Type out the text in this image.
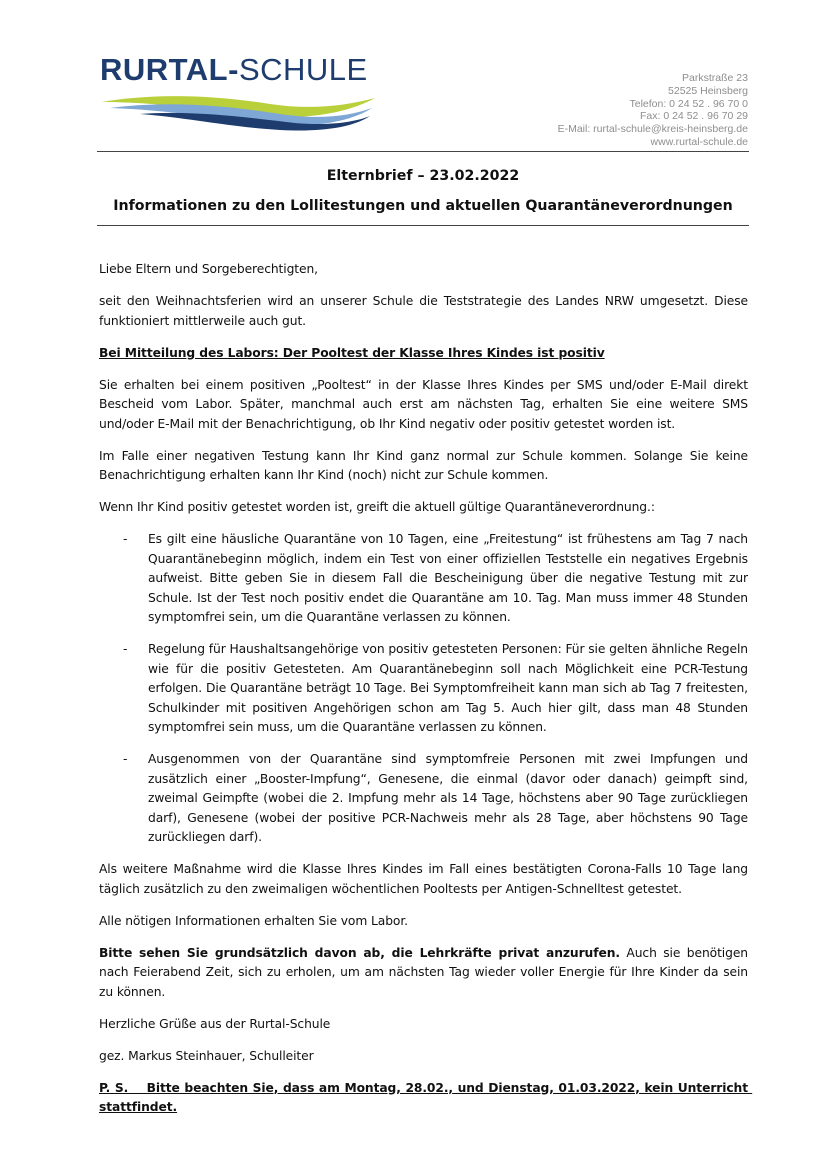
RURTAL-SCHULE	Parkstraße 23
52525 Heinsberg
Telefon: 0 24 52 . 96 70 0
Fax: 0 24 52 . 96 70 29
E-Mail: rurtal-schule@kreis-heinsberg.de
www.rurtal-schule.de
Elternbrief – 23.02.2022
Informationen zu den Lollitestungen und aktuellen Quarantäneverordnungen

Liebe Eltern und Sorgeberechtigten,

seit den Weihnachtsferien wird an unserer Schule die Teststrategie des Landes NRW umgesetzt. Diese funktioniert mittlerweile auch gut.

Bei Mitteilung des Labors: Der Pooltest der Klasse Ihres Kindes ist positiv

Sie erhalten bei einem positiven „Pooltest“ in der Klasse Ihres Kindes per SMS und/oder E-Mail direkt Bescheid vom Labor. Später, manchmal auch erst am nächsten Tag, erhalten Sie eine weitere SMS und/oder E-Mail mit der Benachrichtigung, ob Ihr Kind negativ oder positiv getestet worden ist.

Im Falle einer negativen Testung kann Ihr Kind ganz normal zur Schule kommen. Solange Sie keine Benachrichtigung erhalten kann Ihr Kind (noch) nicht zur Schule kommen.

Wenn Ihr Kind positiv getestet worden ist, greift die aktuell gültige Quarantäneverordnung.:

- Es gilt eine häusliche Quarantäne von 10 Tagen, eine „Freitestung“ ist frühestens am Tag 7 nach Quarantänebeginn möglich, indem ein Test von einer offiziellen Teststelle ein negatives Ergebnis aufweist. Bitte geben Sie in diesem Fall die Bescheinigung über die negative Testung mit zur Schule. Ist der Test noch positiv endet die Quarantäne am 10. Tag. Man muss immer 48 Stunden symptomfrei sein, um die Quarantäne verlassen zu können.
- Regelung für Haushaltsangehörige von positiv getesteten Personen: Für sie gelten ähnliche Regeln wie für die positiv Getesteten. Am Quarantänebeginn soll nach Möglichkeit eine PCR-Testung erfolgen. Die Quarantäne beträgt 10 Tage. Bei Symptomfreiheit kann man sich ab Tag 7 freitesten, Schulkinder mit positiven Angehörigen schon am Tag 5. Auch hier gilt, dass man 48 Stunden symptomfrei sein muss, um die Quarantäne verlassen zu können.
- Ausgenommen von der Quarantäne sind symptomfreie Personen mit zwei Impfungen und zusätzlich einer „Booster-Impfung“, Genesene, die einmal (davor oder danach) geimpft sind, zweimal Geimpfte (wobei die 2. Impfung mehr als 14 Tage, höchstens aber 90 Tage zurückliegen darf), Genesene (wobei der positive PCR-Nachweis mehr als 28 Tage, aber höchstens 90 Tage zurückliegen darf).

Als weitere Maßnahme wird die Klasse Ihres Kindes im Fall eines bestätigten Corona-Falls 10 Tage lang täglich zusätzlich zu den zweimaligen wöchentlichen Pooltests per Antigen-Schnelltest getestet.

Alle nötigen Informationen erhalten Sie vom Labor.

Bitte sehen Sie grundsätzlich davon ab, die Lehrkräfte privat anzurufen. Auch sie benötigen nach Feierabend Zeit, sich zu erholen, um am nächsten Tag wieder voller Energie für Ihre Kinder da sein zu können.

Herzliche Grüße aus der Rurtal-Schule

gez. Markus Steinhauer, Schulleiter

P. S.    Bitte beachten Sie, dass am Montag, 28.02., und Dienstag, 01.03.2022, kein Unterricht stattfindet.
